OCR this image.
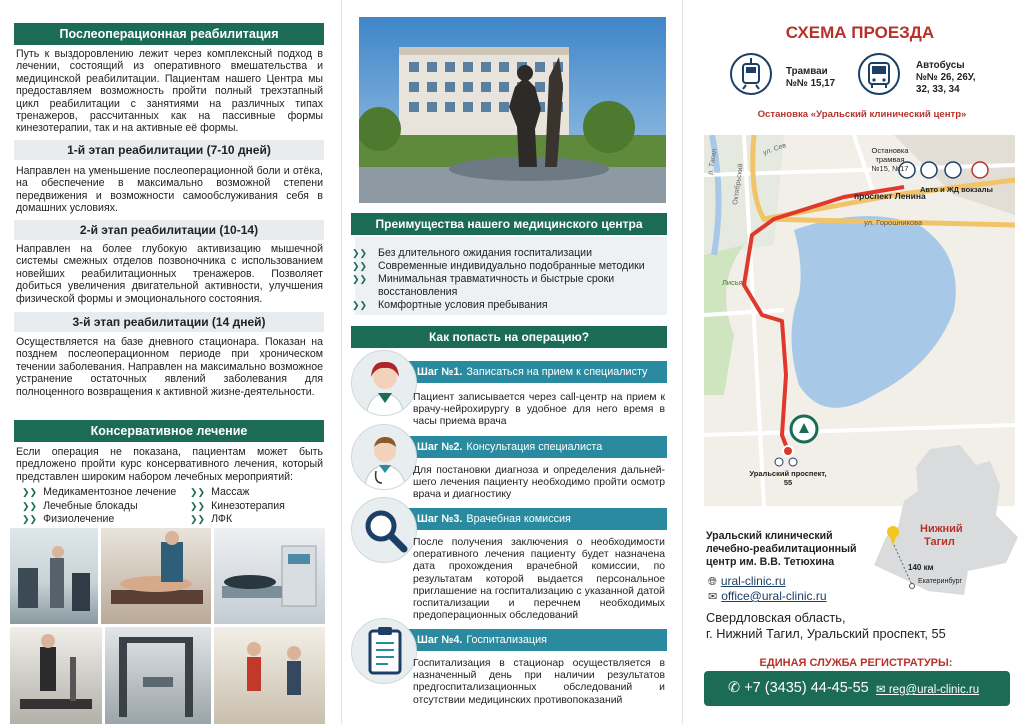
Послеоперационная реабилитация
Путь к выздоровлению лежит через комплексный подход в лечении, состоящий из оперативного вмешательства и медицинской реабилитации. Пациентам нашего Центра мы предоставляем возможность пройти полный трехэтапный цикл реабилитации с занятиями на различных типах тренажеров, рассчитанных как на пассивные формы кинезотерапии, так и на активные её формы.
1-й этап реабилитации (7-10 дней)
Направлен на уменьшение послеоперационной боли и отёка, на обеспечение в максимально возможной степени передвижения и возможности самообслуживания себя в домашних условиях.
2-й этап реабилитации (10-14)
Направлен на более глубокую активизацию мышечной системы смежных отделов позвоночника с использованием новейших реабилитационных тренажеров. Позволяет добиться увеличения двигательной активности, улучшения физической формы и эмоционального состояния.
3-й этап реабилитации (14 дней)
Осуществляется на базе дневного стационара. Показан на позднем послеоперационном периоде при хроническом течении заболевания. Направлен на максимально возможное устранение остаточных явлений заболевания для полноценного возвращения к активной жизне-деятельности.
Консервативное лечение
Если операция не показана, пациентам может быть предложено пройти курс консервативного лечения, который представлен широким набором лечебных мероприятий:
❯❯ Медикаментозное лечение	❯❯ Массаж
❯❯ Лечебные блокады	❯❯ Кинезотерапия
❯❯ Физиолечение	❯❯ ЛФК
Преимущества нашего медицинского центра
❯❯ Без длительного ожидания госпитализации
❯❯ Современные индивидуально подобранные методики
❯❯ Минимальная травматичность и быстрые сроки восстановления
❯❯ Комфортные условия пребывания
Как попасть на операцию?
Шаг №1. Записаться на прием к специалисту
Пациент записывается через call-центр на прием к врачу-нейрохирургу в удобное для него время в часы приема врача
Шаг №2. Консультация специалиста
Для постановки диагноза и определения дальней-шего лечения пациенту необходимо пройти осмотр врача и диагностику
Шаг №3. Врачебная комиссия
После получения заключения о необходимости оперативного лечения пациенту будет назначена дата прохождения врачебной комиссии, по результатам которой выдается персональное приглашение на госпитализацию с указанной датой госпитализации и перечнем необходимых предоперационных обследований
Шаг №4. Госпитализация
Госпитализация в стационар осуществляется в назначенный день при наличии результатов предгоспитализационных обследований и отсутствии медицинских противопоказаний
СХЕМА ПРОЕЗДА
Трамваи
№№ 15,17
Автобусы
№№ 26, 26У,
32, 33, 34
Остановка «Уральский клинический центр»
проспект Ленина
ул. Горошникова
ул. Сев
р. Тагил
Октябрьский
Лисья
Остановка
трамвая
№15, №17
Авто и ЖД вокзалы
Уральский проспект,
55
Уральский клинический
лечебно-реабилитационный
центр им. В.В. Тетюхина
Нижний
Тагил
140 км
Екатеринбург
🌐︎ ural-clinic.ru
✉ office@ural-clinic.ru
Свердловская область,
г. Нижний Тагил, Уральский проспект, 55
ЕДИНАЯ СЛУЖБА РЕГИСТРАТУРЫ:
✆ +7 (3435) 44-45-55 ✉ reg@ural-clinic.ru
